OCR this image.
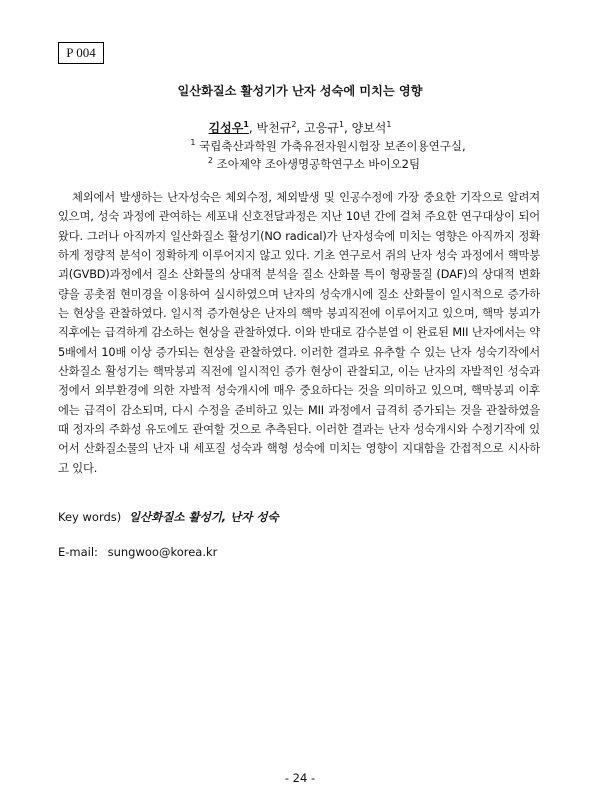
P 004
일산화질소 활성기가 난자 성숙에 미치는 영향
김성우$^1$, 박천규$^2$, 고응규$^1$, 양보석$^1$
$^1$ 국립축산과학원 가축유전자원시험장 보존이용연구실,
$^2$ 조아제약 조아생명공학연구소 바이오2팀
체외에서 발생하는 난자성숙은 체외수정, 체외발생 및 인공수정에 가장 중요한 기작으로 알려져 있으며, 성숙 과정에 관여하는 세포내 신호전달과정은 지난 10년 간에 걸쳐 주요한 연구대상이 되어 왔다. 그러나 아직까지 일산화질소 활성기(NO radical)가 난자성숙에 미치는 영향은 아직까지 정확하게 정량적 분석이 정확하게 이루어지지 않고 있다. 기초 연구로서 쥐의 난자 성숙 과정에서 핵막붕괴(GVBD)과정에서 질소 산화물의 상대적 분석을 질소 산화물 특이 형광물질 (DAF)의 상대적 변화량을 공촛점 현미경을 이용하여 실시하였으며 난자의 성숙개시에 질소 산화물이 일시적으로 증가하는 현상을 관찰하였다. 일시적 증가현상은 난자의 핵막 붕괴직전에 이루어지고 있으며, 핵막 붕괴가 직후에는 급격하게 감소하는 현상을 관찰하였다. 이와 반대로 감수분열 이 완료된 MII 난자에서는 약 5배에서 10배 이상 증가되는 현상을 관찰하였다. 이러한 결과로 유추할 수 있는 난자 성숙기작에서 산화질소 활성기는 핵막붕괴 직전에 일시적인 증가 현상이 관찰되고, 이는 난자의 자발적인 성숙과정에서 외부환경에 의한 자발적 성숙개시에 매우 중요하다는 것을 의미하고 있으며, 핵막붕괴 이후에는 급격이 감소되며, 다시 수정을 준비하고 있는 MII 과정에서 급격히 증가되는 것을 관찰하였을 때 정자의 주화성 유도에도 관여할 것으로 추측된다. 이러한 결과는 난자 성숙개시와 수정기작에 있어서 산화질소물의 난자 내 세포질 성숙과 핵형 성숙에 미치는 영향이 지대함을 간접적으로 시사하고 있다.
Key words) 일산화질소 활성기, 난자 성숙
E-mail: sungwoo@korea.kr
- 24 -
